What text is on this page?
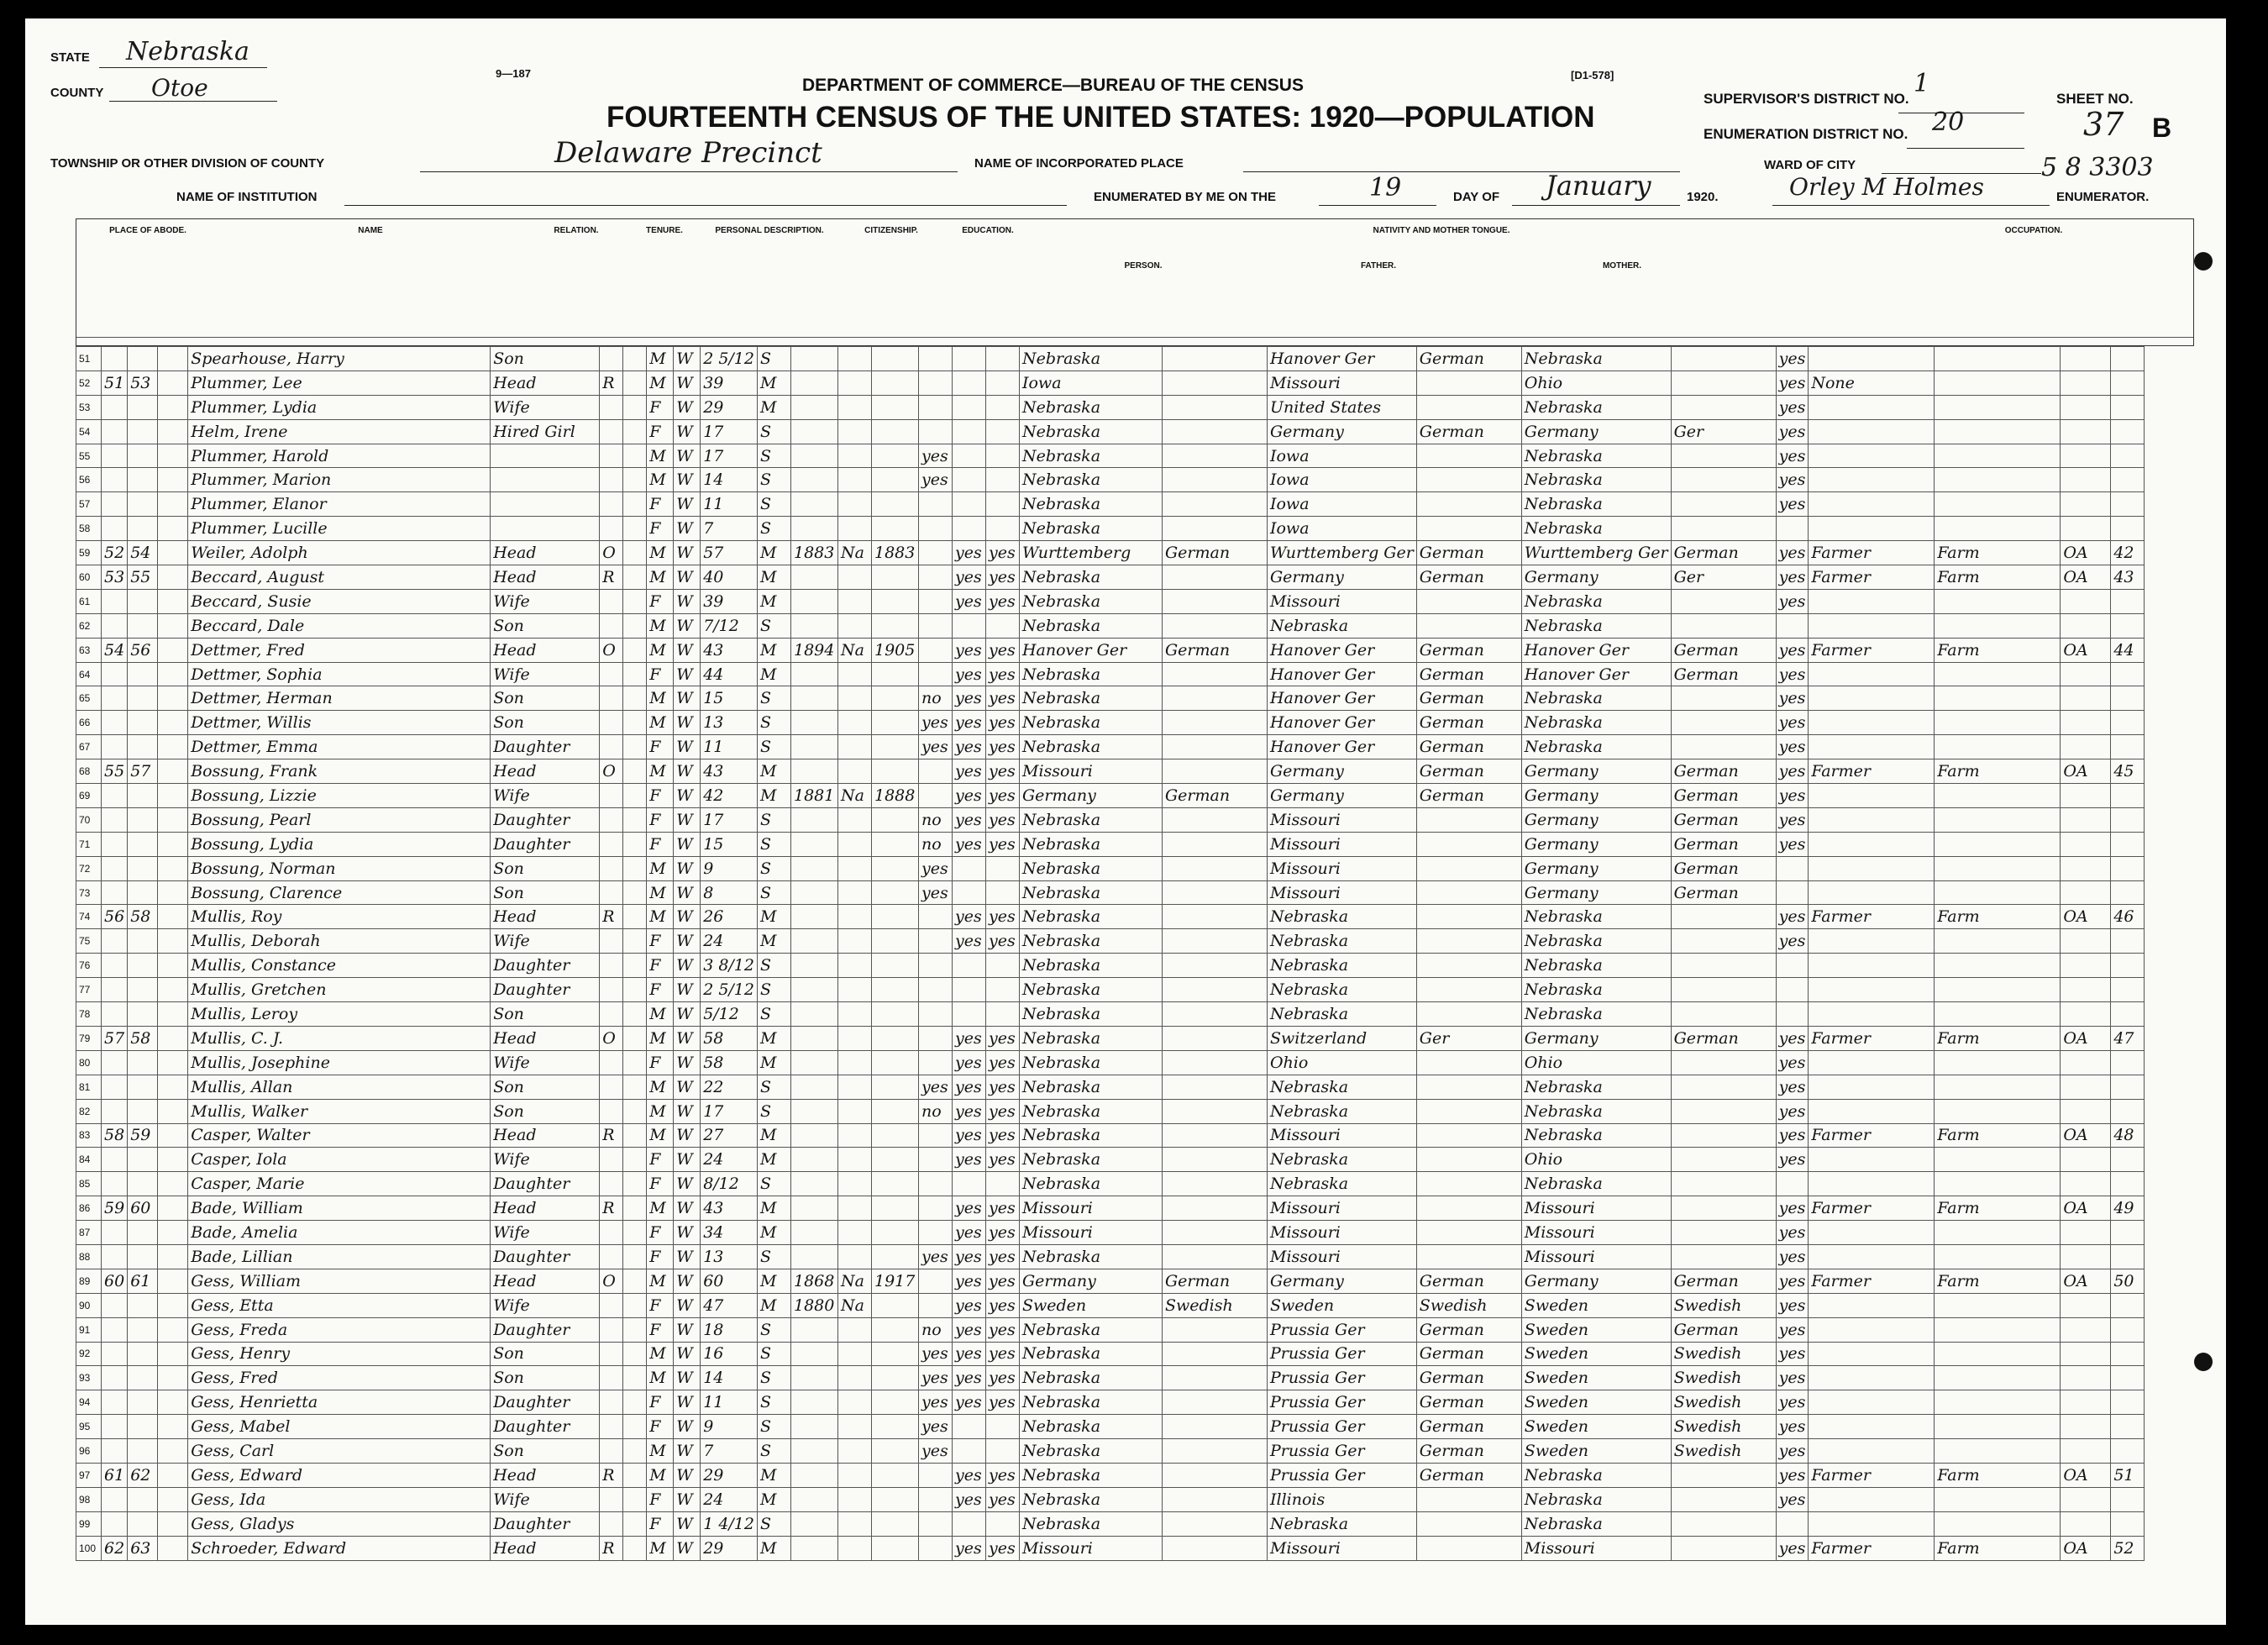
STATE Nebraska
COUNTY Otoe
9—187
DEPARTMENT OF COMMERCE—BUREAU OF THE CENSUS
[D1-578]
FOURTEENTH CENSUS OF THE UNITED STATES: 1920—POPULATION
SUPERVISOR'S DISTRICT NO.
1
ENUMERATION DISTRICT NO. 20
SHEET NO.
37 B
TOWNSHIP OR OTHER DIVISION OF COUNTY	Delaware Precinct	NAME OF INCORPORATED PLACE	WARD OF CITY	5 8 3303
NAME OF INSTITUTION	ENUMERATED BY ME ON THE	19	DAY OF January	1920.	Orley M Holmes	ENUMERATOR.
PLACE OF ABODE.	NAME	RELATION.	TENURE.	PERSONAL DESCRIPTION.	CITIZENSHIP.	EDUCATION.	NATIVITY AND MOTHER TONGUE.	OCCUPATION.
PERSON.	FATHER.	MOTHER.
51				Spearhouse, Harry	Son			M	W	2 5/12	S							Nebraska		Hanover Ger	German	Nebraska		yes				
52	51	53		Plummer, Lee	Head	R		M	W	39	M							Iowa		Missouri		Ohio		yes	None			
53				Plummer, Lydia	Wife			F	W	29	M							Nebraska		United States		Nebraska		yes				
54				Helm, Irene	Hired Girl			F	W	17	S							Nebraska		Germany	German	Germany	Ger	yes				
55				Plummer, Harold				M	W	17	S				yes			Nebraska		Iowa		Nebraska		yes				
56				Plummer, Marion				M	W	14	S				yes			Nebraska		Iowa		Nebraska		yes				
57				Plummer, Elanor				F	W	11	S							Nebraska		Iowa		Nebraska		yes				
58				Plummer, Lucille				F	W	7	S							Nebraska		Iowa		Nebraska						
59	52	54		Weiler, Adolph	Head	O		M	W	57	M	1883	Na	1883		yes	yes	Wurttemberg	German	Wurttemberg Ger	German	Wurttemberg Ger	German	yes	Farmer	Farm	OA	42
60	53	55		Beccard, August	Head	R		M	W	40	M					yes	yes	Nebraska		Germany	German	Germany	Ger	yes	Farmer	Farm	OA	43
61				Beccard, Susie	Wife			F	W	39	M					yes	yes	Nebraska		Missouri		Nebraska		yes				
62				Beccard, Dale	Son			M	W	7/12	S							Nebraska		Nebraska		Nebraska						
63	54	56		Dettmer, Fred	Head	O		M	W	43	M	1894	Na	1905		yes	yes	Hanover Ger	German	Hanover Ger	German	Hanover Ger	German	yes	Farmer	Farm	OA	44
64				Dettmer, Sophia	Wife			F	W	44	M					yes	yes	Nebraska		Hanover Ger	German	Hanover Ger	German	yes				
65				Dettmer, Herman	Son			M	W	15	S				no	yes	yes	Nebraska		Hanover Ger	German	Nebraska		yes				
66				Dettmer, Willis	Son			M	W	13	S				yes	yes	yes	Nebraska		Hanover Ger	German	Nebraska		yes				
67				Dettmer, Emma	Daughter			F	W	11	S				yes	yes	yes	Nebraska		Hanover Ger	German	Nebraska		yes				
68	55	57		Bossung, Frank	Head	O		M	W	43	M					yes	yes	Missouri		Germany	German	Germany	German	yes	Farmer	Farm	OA	45
69				Bossung, Lizzie	Wife			F	W	42	M	1881	Na	1888		yes	yes	Germany	German	Germany	German	Germany	German	yes				
70				Bossung, Pearl	Daughter			F	W	17	S				no	yes	yes	Nebraska		Missouri		Germany	German	yes				
71				Bossung, Lydia	Daughter			F	W	15	S				no	yes	yes	Nebraska		Missouri		Germany	German	yes				
72				Bossung, Norman	Son			M	W	9	S				yes			Nebraska		Missouri		Germany	German					
73				Bossung, Clarence	Son			M	W	8	S				yes			Nebraska		Missouri		Germany	German					
74	56	58		Mullis, Roy	Head	R		M	W	26	M					yes	yes	Nebraska		Nebraska		Nebraska		yes	Farmer	Farm	OA	46
75				Mullis, Deborah	Wife			F	W	24	M					yes	yes	Nebraska		Nebraska		Nebraska		yes				
76				Mullis, Constance	Daughter			F	W	3 8/12	S							Nebraska		Nebraska		Nebraska						
77				Mullis, Gretchen	Daughter			F	W	2 5/12	S							Nebraska		Nebraska		Nebraska						
78				Mullis, Leroy	Son			M	W	5/12	S							Nebraska		Nebraska		Nebraska						
79	57	58		Mullis, C. J.	Head	O		M	W	58	M					yes	yes	Nebraska		Switzerland	Ger	Germany	German	yes	Farmer	Farm	OA	47
80				Mullis, Josephine	Wife			F	W	58	M					yes	yes	Nebraska		Ohio		Ohio		yes				
81				Mullis, Allan	Son			M	W	22	S				yes	yes	yes	Nebraska		Nebraska		Nebraska		yes				
82				Mullis, Walker	Son			M	W	17	S				no	yes	yes	Nebraska		Nebraska		Nebraska		yes				
83	58	59		Casper, Walter	Head	R		M	W	27	M					yes	yes	Nebraska		Missouri		Nebraska		yes	Farmer	Farm	OA	48
84				Casper, Iola	Wife			F	W	24	M					yes	yes	Nebraska		Nebraska		Ohio		yes				
85				Casper, Marie	Daughter			F	W	8/12	S							Nebraska		Nebraska		Nebraska						
86	59	60		Bade, William	Head	R		M	W	43	M					yes	yes	Missouri		Missouri		Missouri		yes	Farmer	Farm	OA	49
87				Bade, Amelia	Wife			F	W	34	M					yes	yes	Missouri		Missouri		Missouri		yes				
88				Bade, Lillian	Daughter			F	W	13	S				yes	yes	yes	Nebraska		Missouri		Missouri		yes				
89	60	61		Gess, William	Head	O		M	W	60	M	1868	Na	1917		yes	yes	Germany	German	Germany	German	Germany	German	yes	Farmer	Farm	OA	50
90				Gess, Etta	Wife			F	W	47	M	1880	Na			yes	yes	Sweden	Swedish	Sweden	Swedish	Sweden	Swedish	yes				
91				Gess, Freda	Daughter			F	W	18	S				no	yes	yes	Nebraska		Prussia Ger	German	Sweden	German	yes				
92				Gess, Henry	Son			M	W	16	S				yes	yes	yes	Nebraska		Prussia Ger	German	Sweden	Swedish	yes				
93				Gess, Fred	Son			M	W	14	S				yes	yes	yes	Nebraska		Prussia Ger	German	Sweden	Swedish	yes				
94				Gess, Henrietta	Daughter			F	W	11	S				yes	yes	yes	Nebraska		Prussia Ger	German	Sweden	Swedish	yes				
95				Gess, Mabel	Daughter			F	W	9	S				yes			Nebraska		Prussia Ger	German	Sweden	Swedish	yes				
96				Gess, Carl	Son			M	W	7	S				yes			Nebraska		Prussia Ger	German	Sweden	Swedish	yes				
97	61	62		Gess, Edward	Head	R		M	W	29	M					yes	yes	Nebraska		Prussia Ger	German	Nebraska		yes	Farmer	Farm	OA	51
98				Gess, Ida	Wife			F	W	24	M					yes	yes	Nebraska		Illinois		Nebraska		yes				
99				Gess, Gladys	Daughter			F	W	1 4/12	S							Nebraska		Nebraska		Nebraska						
100	62	63		Schroeder, Edward	Head	R		M	W	29	M					yes	yes	Missouri		Missouri		Missouri		yes	Farmer	Farm	OA	52
